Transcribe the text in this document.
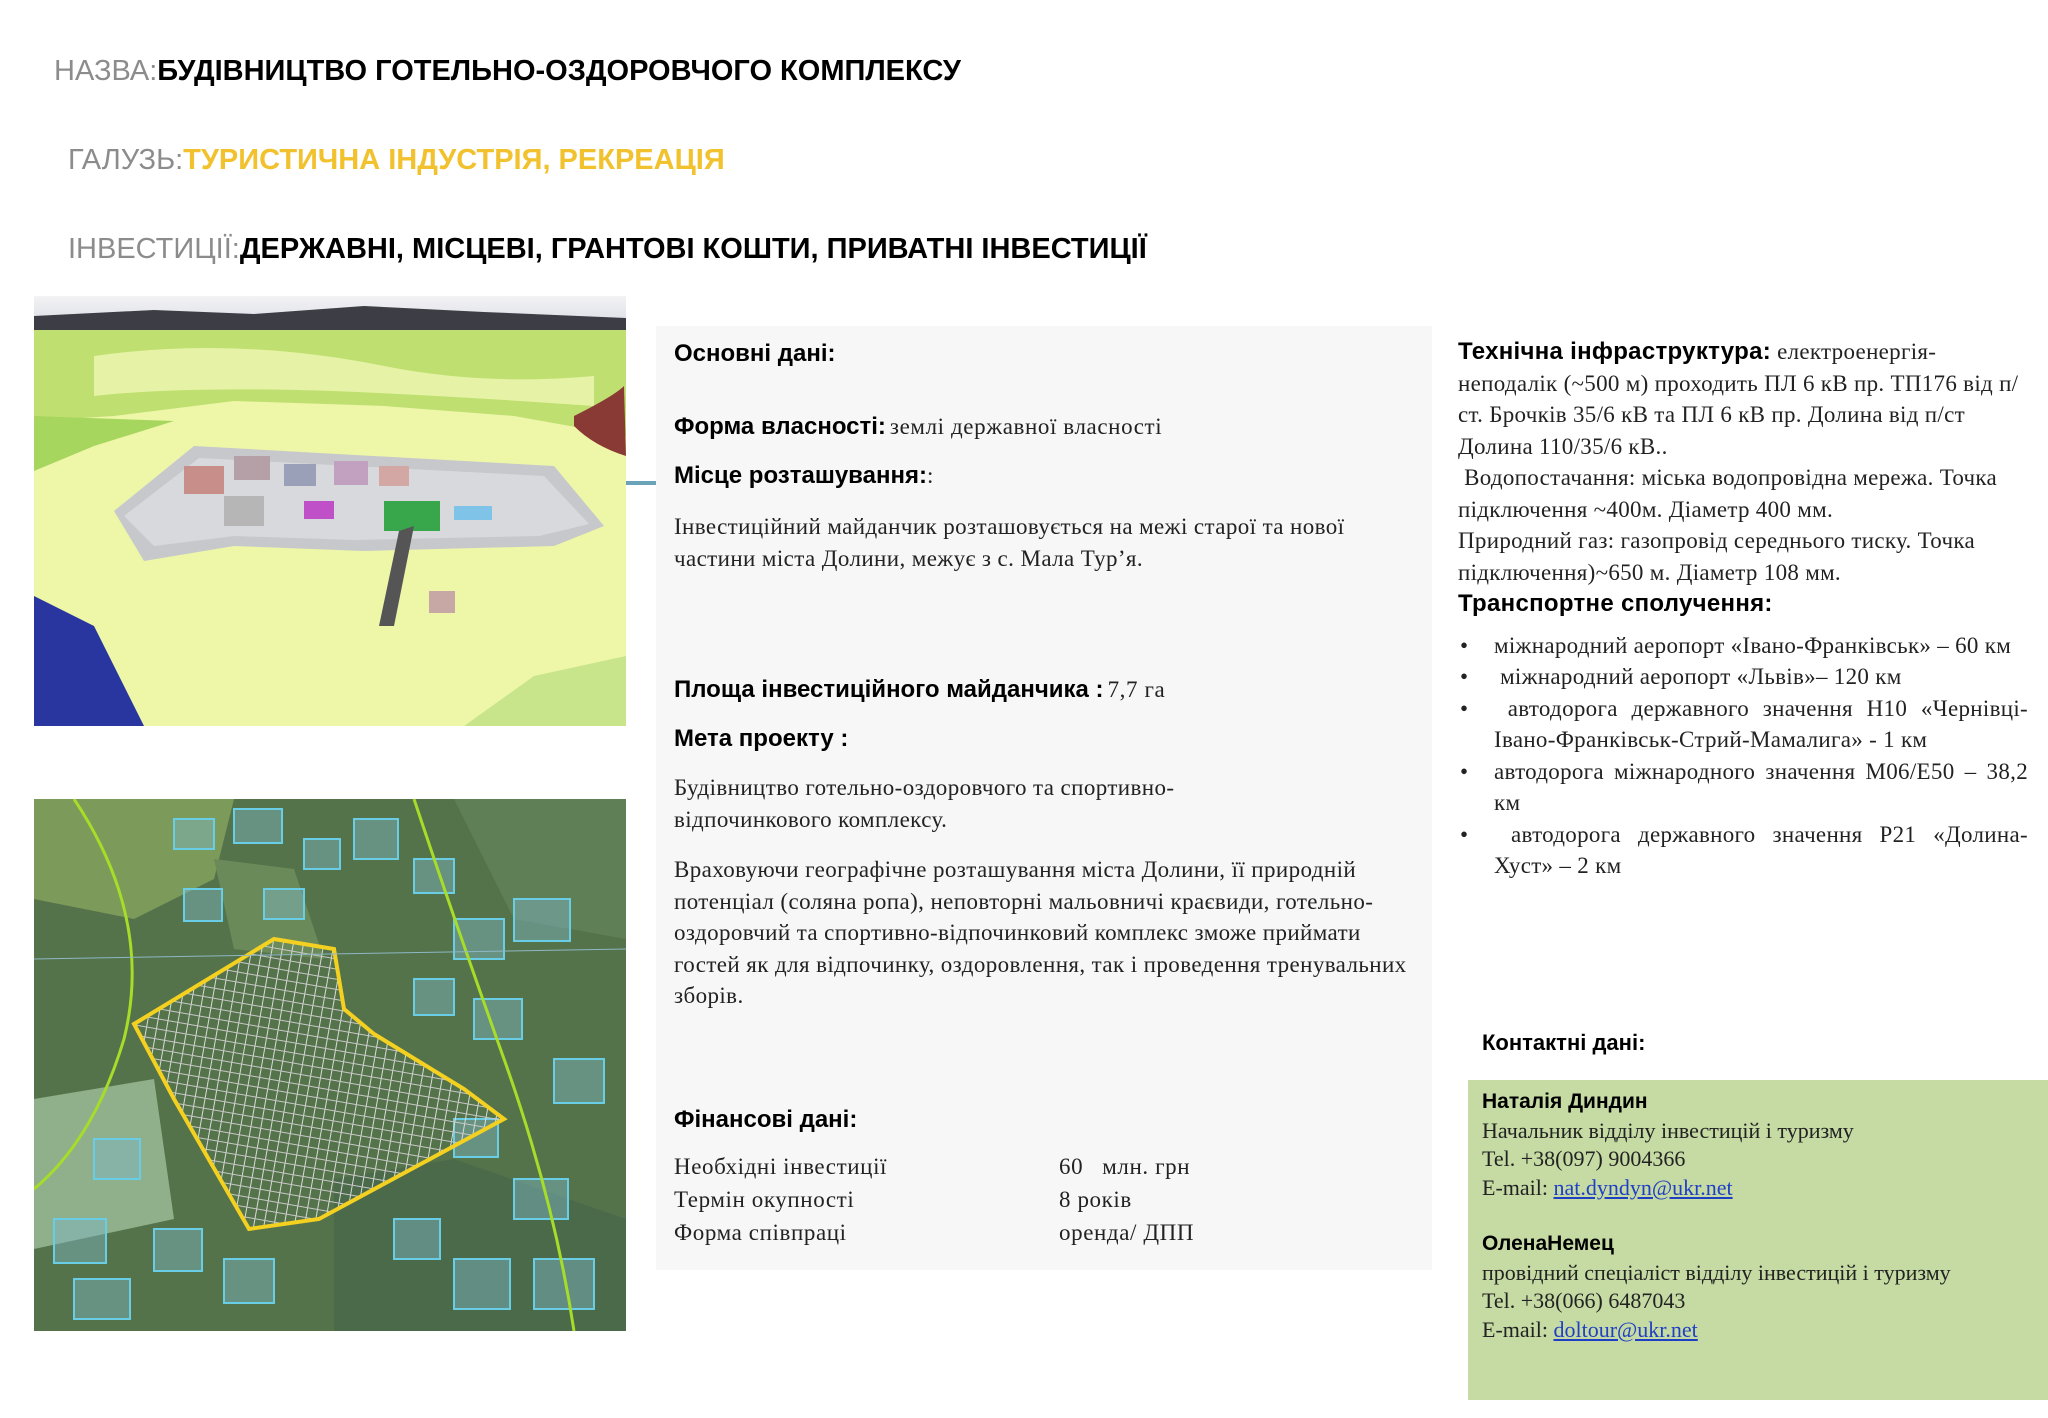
НАЗВА:БУДІВНИЦТВО ГОТЕЛЬНО-ОЗДОРОВЧОГО КОМПЛЕКСУ
ГАЛУЗЬ:ТУРИСТИЧНА ІНДУСТРІЯ, РЕКРЕАЦІЯ
ІНВЕСТИЦІЇ:ДЕРЖАВНІ, МІСЦЕВІ, ГРАНТОВІ КОШТИ, ПРИВАТНІ ІНВЕСТИЦІЇ
Основні дані:
Форма власності: землі державної власності
Місце розташування::
Інвестиційний майданчик розташовується на межі старої та нової частини міста Долини, межує з с. Мала Тур’я.
Площа інвестиційного майданчика : 7,7 га
Мета проекту :
Будівництво готельно-оздоровчого та спортивно-відпочинкового комплексу.
Враховуючи географічне розташування міста Долини, її природній потенціал (соляна ропа), неповторні мальовничі краєвиди, готельно-оздоровчий та спортивно-відпочинковий комплекс зможе приймати гостей як для відпочинку, оздоровлення, так і проведення тренувальних зборів.
Фінансові дані:
Необхідні інвестиції	60   млн. грн
Термін окупності	8 років
Форма співпраці	оренда/ ДПП
Технічна інфраструктура: електроенергія- неподалік (~500 м) проходить ПЛ 6 кВ пр. ТП176 від п/ст. Брочків 35/6 кВ та ПЛ 6 кВ пр. Долина від п/ст Долина 110/35/6 кВ..
Водопостачання: міська водопровідна мережа. Точка підключення ~400м. Діаметр 400 мм.
Природний газ: газопровід середнього тиску. Точка підключення)~650 м. Діаметр 108 мм.
Транспортне сполучення:
• міжнародний аеропорт «Івано-Франківськ» – 60 км
•  міжнародний аеропорт «Львів»– 120 км
•  автодорога державного значення Н10 «Чернівці-Івано-Франківськ-Стрий-Мамалига» - 1 км
• автодорога міжнародного значення М06/Е50 – 38,2 км
•  автодорога державного значення Р21 «Долина-Хуст» – 2 км
Контактні дані:
Наталія Диндин
Начальник відділу інвестицій і туризму
Tel. +38(097) 9004366
E-mail: nat.dyndyn@ukr.net
ОленаНемец
провідний спеціаліст відділу інвестицій і туризму
Tel. +38(066) 6487043
E-mail: doltour@ukr.net
